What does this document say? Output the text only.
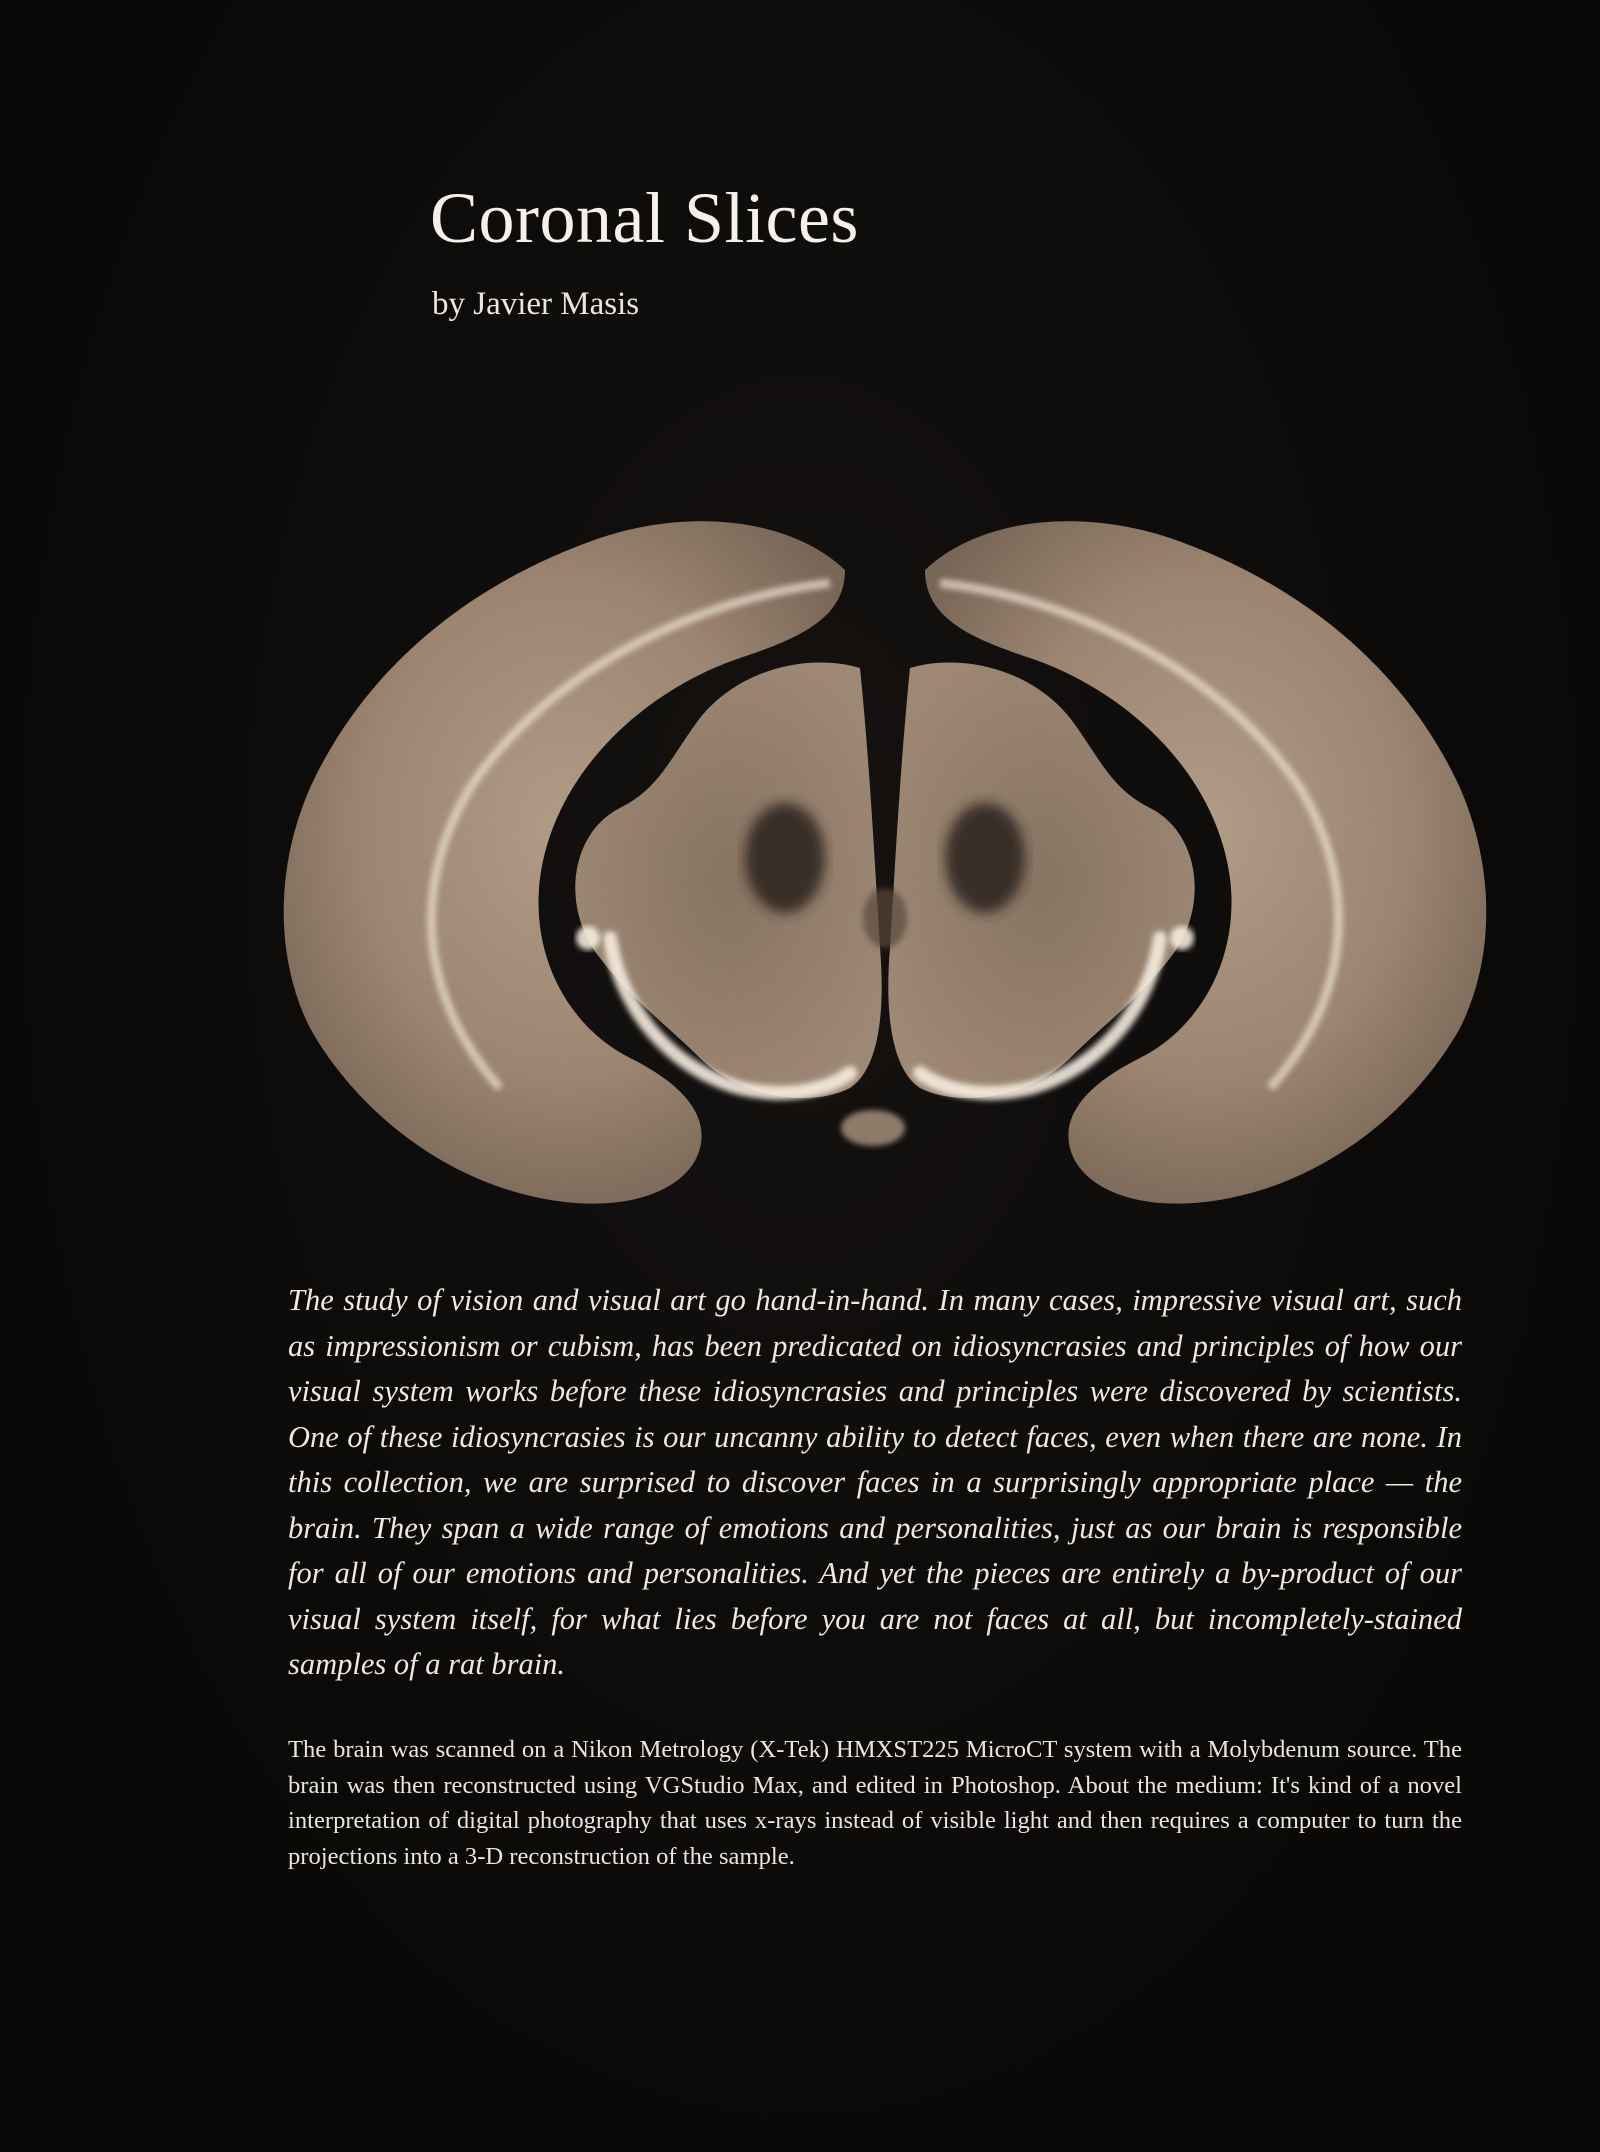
Coronal Slices

by Javier Masis

The study of vision and visual art go hand-in-hand. In many cases, impressive visual art, such as impressionism or cubism, has been predicated on idiosyncrasies and principles of how our visual system works before these idiosyncrasies and principles were discovered by scientists. One of these idiosyncrasies is our uncanny ability to detect faces, even when there are none. In this collection, we are surprised to discover faces in a surprisingly appropriate place — the brain. They span a wide range of emotions and personalities, just as our brain is responsible for all of our emotions and personalities. And yet the pieces are entirely a by-product of our visual system itself, for what lies before you are not faces at all, but incompletely-stained samples of a rat brain.

The brain was scanned on a Nikon Metrology (X-Tek) HMXST225 MicroCT system with a Molybdenum source. The brain was then reconstructed using VGStudio Max, and edited in Photoshop. About the medium: It's kind of a novel interpretation of digital photography that uses x-rays instead of visible light and then requires a computer to turn the projections into a 3-D reconstruction of the sample.
